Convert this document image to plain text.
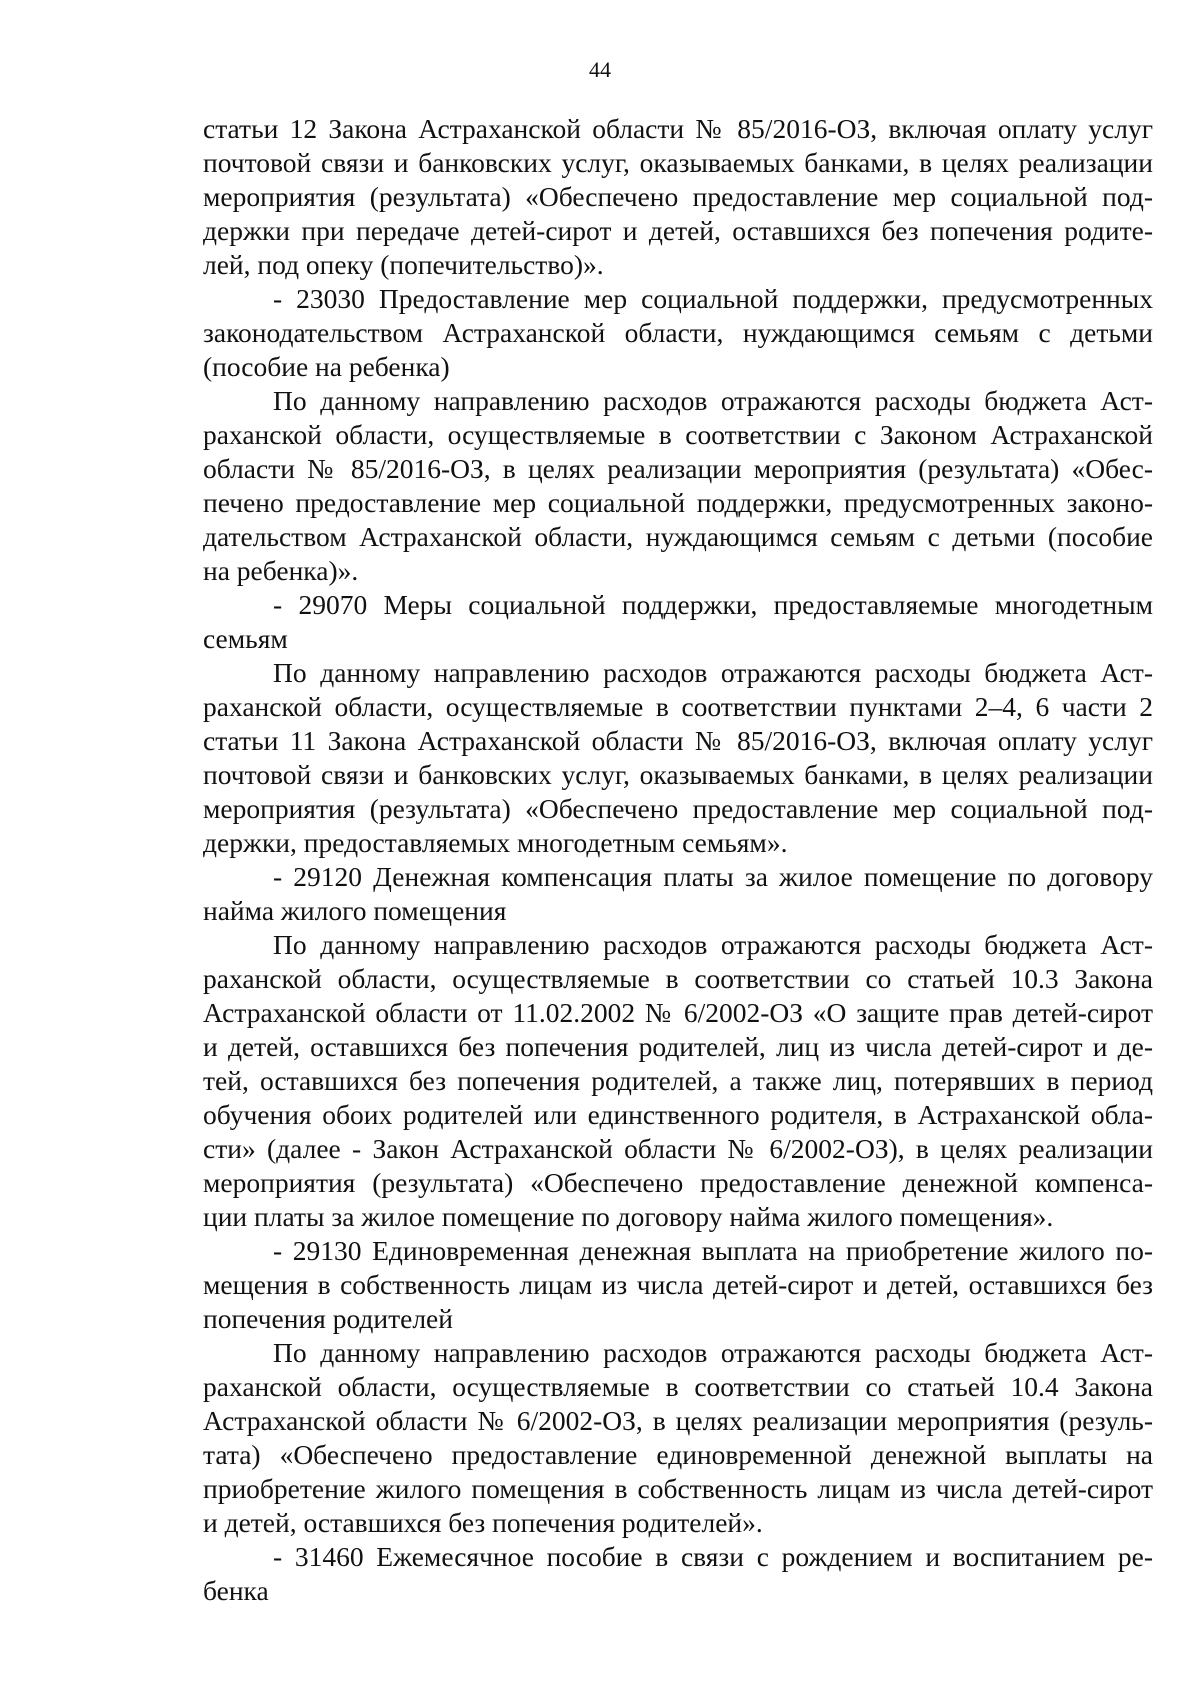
44
статьи 12 Закона Астраханской области № 85/2016-ОЗ, включая оплату услуг
почтовой связи и банковских услуг, оказываемых банками, в целях реализации
мероприятия (результата) «Обеспечено предоставление мер социальной под-
держки при передаче детей-сирот и детей, оставшихся без попечения родите-
лей, под опеку (попечительство)».
- 23030 Предоставление мер социальной поддержки, предусмотренных
законодательством Астраханской области, нуждающимся семьям с детьми
(пособие на ребенка)
По данному направлению расходов отражаются расходы бюджета Аст-
раханской области, осуществляемые в соответствии с Законом Астраханской
области № 85/2016-ОЗ, в целях реализации мероприятия (результата) «Обес-
печено предоставление мер социальной поддержки, предусмотренных законо-
дательством Астраханской области, нуждающимся семьям с детьми (пособие
на ребенка)».
- 29070 Меры социальной поддержки, предоставляемые многодетным
семьям
По данному направлению расходов отражаются расходы бюджета Аст-
раханской области, осуществляемые в соответствии пунктами 2–4, 6 части 2
статьи 11 Закона Астраханской области № 85/2016-ОЗ, включая оплату услуг
почтовой связи и банковских услуг, оказываемых банками, в целях реализации
мероприятия (результата) «Обеспечено предоставление мер социальной под-
держки, предоставляемых многодетным семьям».
- 29120 Денежная компенсация платы за жилое помещение по договору
найма жилого помещения
По данному направлению расходов отражаются расходы бюджета Аст-
раханской области, осуществляемые в соответствии со статьей 10.3 Закона
Астраханской области от 11.02.2002 № 6/2002-ОЗ «О защите прав детей-сирот
и детей, оставшихся без попечения родителей, лиц из числа детей-сирот и де-
тей, оставшихся без попечения родителей, а также лиц, потерявших в период
обучения обоих родителей или единственного родителя, в Астраханской обла-
сти» (далее - Закон Астраханской области № 6/2002-ОЗ), в целях реализации
мероприятия (результата) «Обеспечено предоставление денежной компенса-
ции платы за жилое помещение по договору найма жилого помещения».
- 29130 Единовременная денежная выплата на приобретение жилого по-
мещения в собственность лицам из числа детей-сирот и детей, оставшихся без
попечения родителей
По данному направлению расходов отражаются расходы бюджета Аст-
раханской области, осуществляемые в соответствии со статьей 10.4 Закона
Астраханской области № 6/2002-ОЗ, в целях реализации мероприятия (резуль-
тата) «Обеспечено предоставление единовременной денежной выплаты на
приобретение жилого помещения в собственность лицам из числа детей-сирот
и детей, оставшихся без попечения родителей».
- 31460 Ежемесячное пособие в связи с рождением и воспитанием ре-
бенка
